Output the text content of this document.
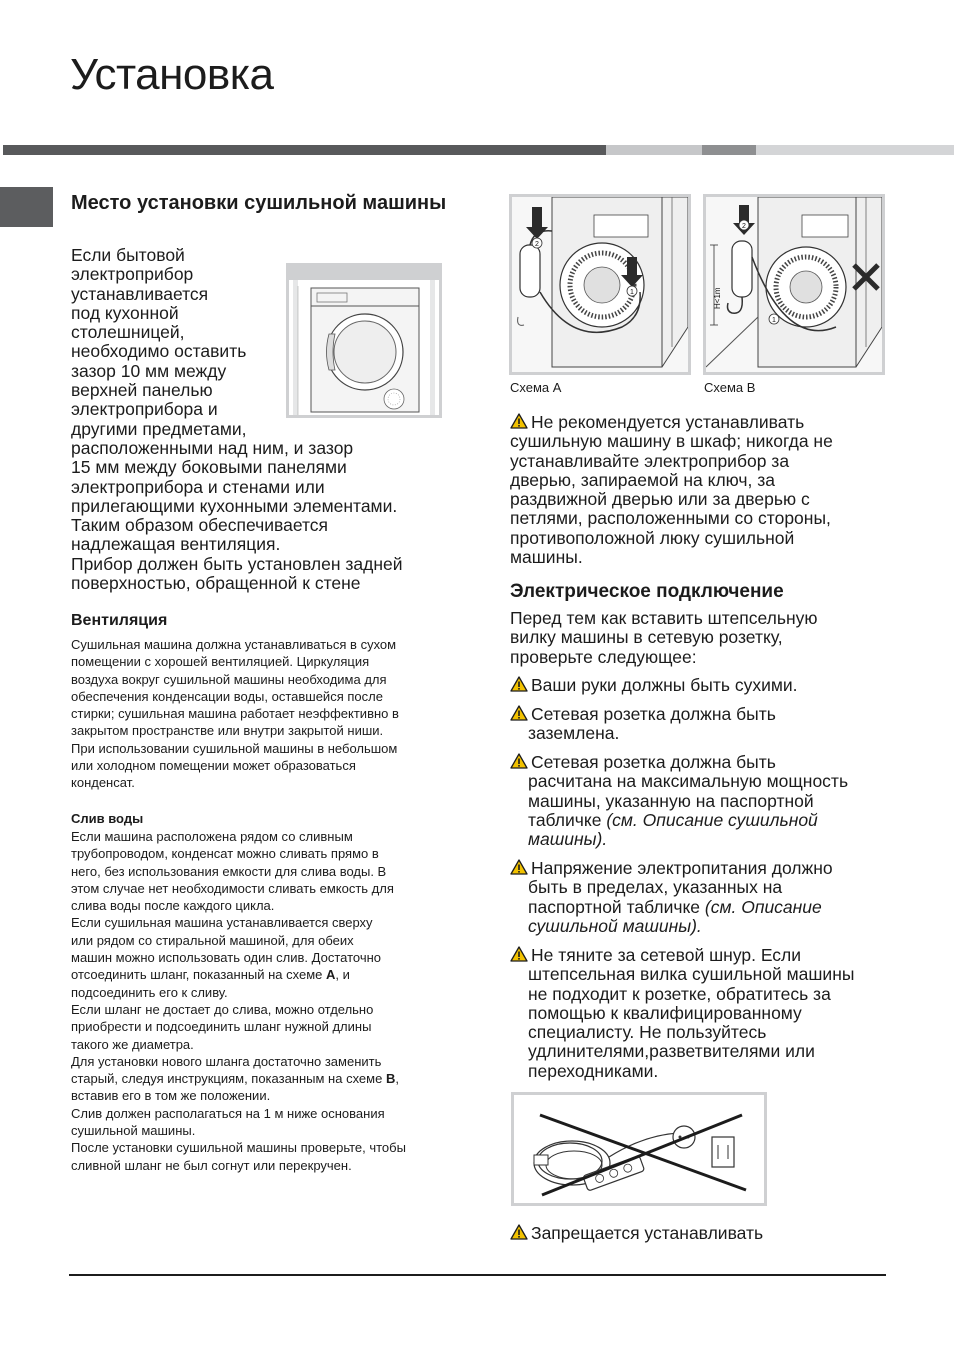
Установка
Место установки сушильной машины
Если бытовой
электроприбор
устанавливается
под кухонной
столешницей,
необходимо оставить
зазор 10 мм между
верхней панелью
электроприбора и
другими предметами,
расположенными над ним, и зазор
15 мм между боковыми панелями
электроприбора и стенами или
прилегающими кухонными элементами.
Таким образом обеспечивается
надлежащая вентиляция.
Прибор должен быть установлен задней
поверхностью, обращенной к стене
Вентиляция
Сушильная машина должна устанавливаться в сухом
помещении с хорошей вентиляцией. Циркуляция
воздуха вокруг сушильной машины необходима для
обеспечения конденсации воды, оставшейся после
стирки; сушильная машина работает неэффективно в
закрытом пространстве или внутри закрытой ниши.
При использовании сушильной машины в небольшом
или холодном помещении может образоваться
конденсат.
Слив воды
Если машина расположена рядом со сливным
трубопроводом, конденсат можно сливать прямо в
него, без использования емкости для слива воды. В
этом случае нет необходимости сливать емкость для
слива воды после каждого цикла.
Если сушильная машина устанавливается сверху
или рядом со стиральной машиной, для обеих
машин можно использовать один слив. Достаточно
отсоединить шланг, показанный на схеме А, и
подсоединить его к сливу.
Если шланг не достает до слива, можно отдельно
приобрести и подсоединить шланг нужной длины
такого же диаметра.
Для установки нового шланга достаточно заменить
старый, следуя инструкциям, показанным на схеме В,
вставив его в том же положении.
Слив должен располагаться на 1 м ниже основания
сушильной машины.
После установки сушильной машины проверьте, чтобы
сливной шланг не был согнут или перекручен.
2
1
Схема А
H<1m
2
1
Схема В
Не рекомендуется устанавливать
сушильную машину в шкаф; никогда не
устанавливайте электроприбор за
дверью, запираемой на ключ, за
раздвижной дверью или за дверью с
петлями, расположенными со стороны,
противоположной люку сушильной
машины.
Электрическое подключение
Перед тем как вставить штепсельную
вилку машины в сетевую розетку,
проверьте следующее:
Ваши руки должны быть сухими.
Сетевая розетка должна быть
заземлена.
Сетевая розетка должна быть
расчитана на максимальную мощность
машины, указанную на паспортной
табличке (см. Описание сушильной
машины).
Напряжение электропитания должно
быть в пределах, указанных на
паспортной табличке (см. Описание
сушильной машины).
Не тяните за сетевой шнур. Если
штепсельная вилка сушильной машины
не подходит к розетке, обратитесь за
помощью к квалифицированному
специалисту. Не пользуйтесь
удлинителями,разветвителями или
переходниками.
Запрещается устанавливать
